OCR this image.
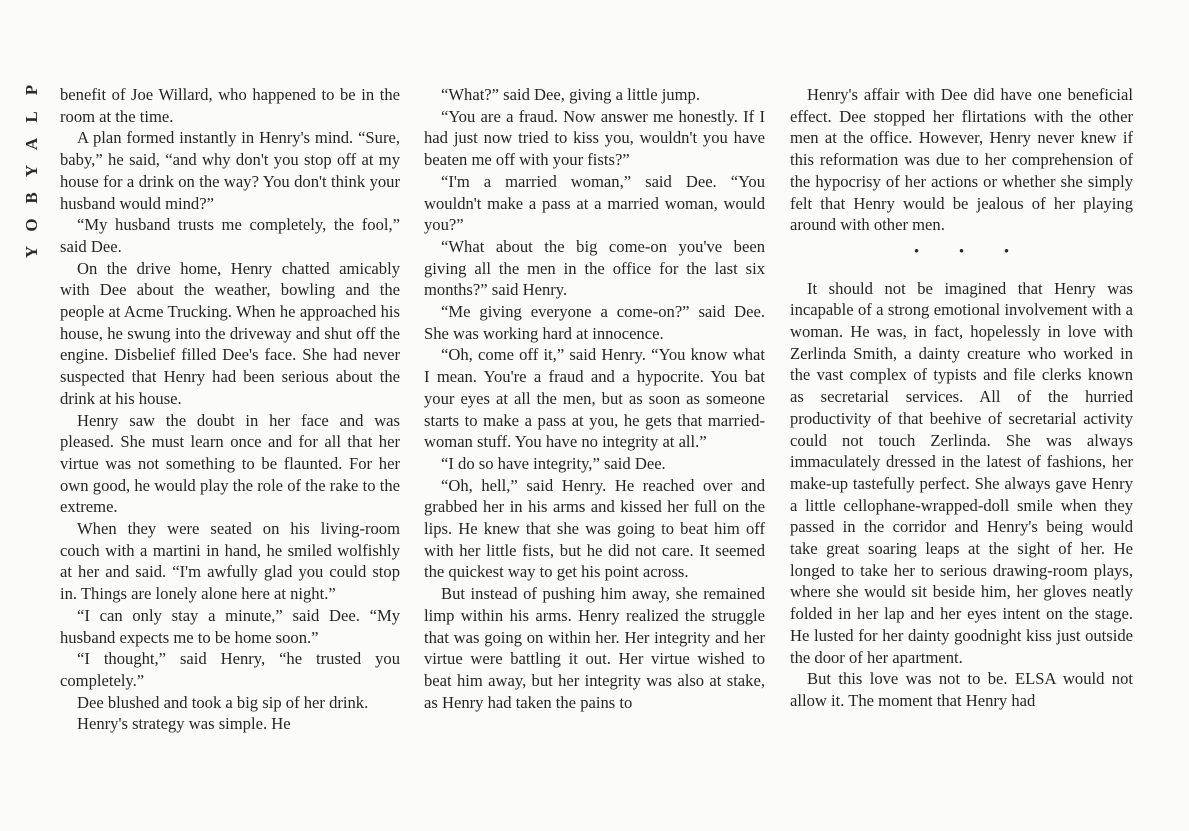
P
L
A
Y
B
O
Y

benefit of Joe Willard, who happened to be in the room at the time.

A plan formed instantly in Henry's mind. “Sure, baby,” he said, “and why don't you stop off at my house for a drink on the way? You don't think your husband would mind?”

“My husband trusts me completely, the fool,” said Dee.

On the drive home, Henry chatted amicably with Dee about the weather, bowling and the people at Acme Trucking. When he approached his house, he swung into the driveway and shut off the engine. Disbelief filled Dee's face. She had never suspected that Henry had been serious about the drink at his house.

Henry saw the doubt in her face and was pleased. She must learn once and for all that her virtue was not something to be flaunted. For her own good, he would play the role of the rake to the extreme.

When they were seated on his living-room couch with a martini in hand, he smiled wolfishly at her and said. “I'm awfully glad you could stop in. Things are lonely alone here at night.”

“I can only stay a minute,” said Dee. “My husband expects me to be home soon.”

“I thought,” said Henry, “he trusted you completely.”

Dee blushed and took a big sip of her drink.

Henry's strategy was simple. He

“What?” said Dee, giving a little jump.

“You are a fraud. Now answer me honestly. If I had just now tried to kiss you, wouldn't you have beaten me off with your fists?”

“I'm a married woman,” said Dee. “You wouldn't make a pass at a married woman, would you?”

“What about the big come-on you've been giving all the men in the office for the last six months?” said Henry.

“Me giving everyone a come-on?” said Dee. She was working hard at innocence.

“Oh, come off it,” said Henry. “You know what I mean. You're a fraud and a hypocrite. You bat your eyes at all the men, but as soon as someone starts to make a pass at you, he gets that married-woman stuff. You have no integrity at all.”

“I do so have integrity,” said Dee.

“Oh, hell,” said Henry. He reached over and grabbed her in his arms and kissed her full on the lips. He knew that she was going to beat him off with her little fists, but he did not care. It seemed the quickest way to get his point across.

But instead of pushing him away, she remained limp within his arms. Henry realized the struggle that was going on within her. Her integrity and her virtue were battling it out. Her virtue wished to beat him away, but her integrity was also at stake, as Henry had taken the pains to

Henry's affair with Dee did have one beneficial effect. Dee stopped her flirtations with the other men at the office. However, Henry never knew if this reformation was due to her comprehension of the hypocrisy of her actions or whether she simply felt that Henry would be jealous of her playing around with other men.

• • •

It should not be imagined that Henry was incapable of a strong emotional involvement with a woman. He was, in fact, hopelessly in love with Zerlinda Smith, a dainty creature who worked in the vast complex of typists and file clerks known as secretarial services. All of the hurried productivity of that beehive of secretarial activity could not touch Zerlinda. She was always immaculately dressed in the latest of fashions, her make-up tastefully perfect. She always gave Henry a little cellophane-wrapped-doll smile when they passed in the corridor and Henry's being would take great soaring leaps at the sight of her. He longed to take her to serious drawing-room plays, where she would sit beside him, her gloves neatly folded in her lap and her eyes intent on the stage. He lusted for her dainty goodnight kiss just outside the door of her apartment.

But this love was not to be. ELSA would not allow it. The moment that Henry had
